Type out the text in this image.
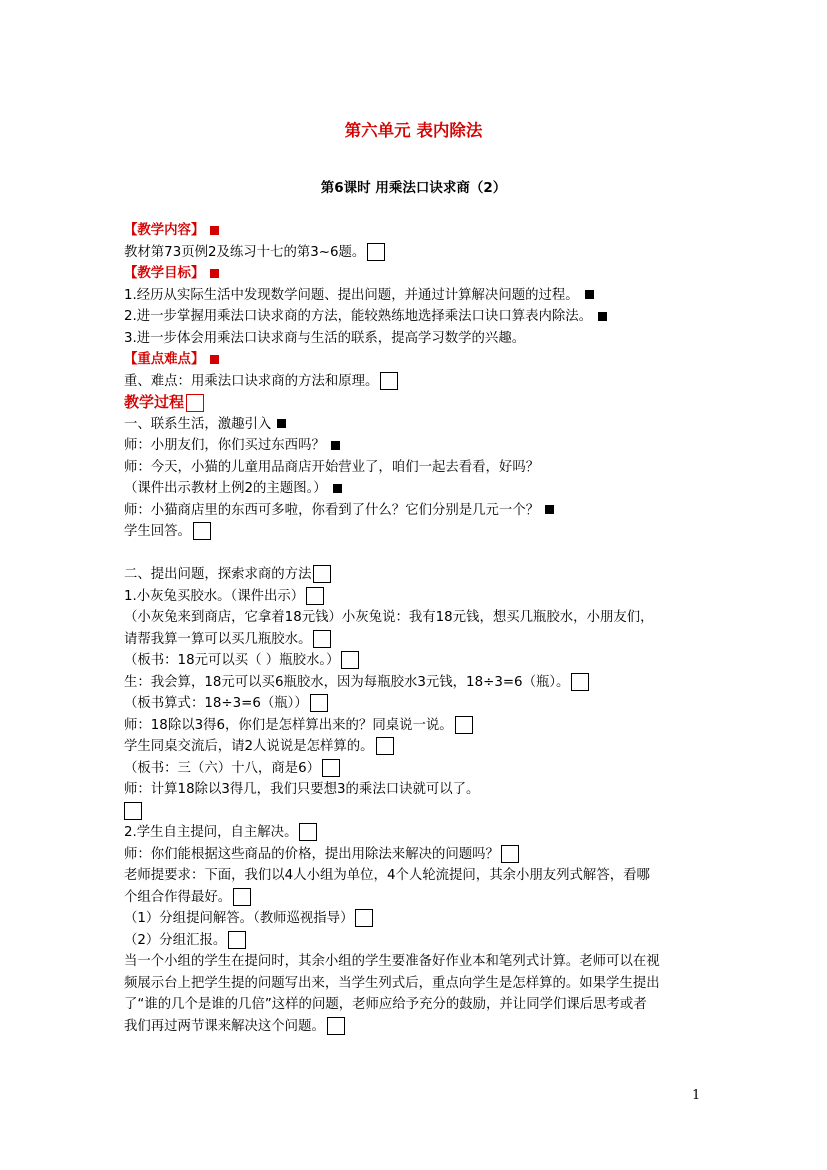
第六单元 表内除法
第6课时 用乘法口诀求商（2）
【教学内容】
教材第73页例2及练习十七的第3~6题。
【教学目标】
1.经历从实际生活中发现数学问题、提出问题，并通过计算解决问题的过程。
2.进一步掌握用乘法口诀求商的方法，能较熟练地选择乘法口诀口算表内除法。
3.进一步体会用乘法口诀求商与生活的联系，提高学习数学的兴趣。
【重点难点】
重、难点：用乘法口诀求商的方法和原理。
教学过程
一、联系生活，激趣引入
师：小朋友们，你们买过东西吗？
师：今天，小猫的儿童用品商店开始营业了，咱们一起去看看，好吗？
（课件出示教材上例2的主题图。）
师：小猫商店里的东西可多啦，你看到了什么？它们分别是几元一个？
学生回答。
二、提出问题，探索求商的方法
1.小灰兔买胶水。（课件出示）
（小灰兔来到商店，它拿着18元钱）小灰兔说：我有18元钱，想买几瓶胶水，小朋友们，
请帮我算一算可以买几瓶胶水。
（板书：18元可以买（ ）瓶胶水。）
生：我会算，18元可以买6瓶胶水，因为每瓶胶水3元钱，18÷3=6（瓶）。
（板书算式：18÷3=6（瓶））
师：18除以3得6，你们是怎样算出来的？同桌说一说。
学生同桌交流后，请2人说说是怎样算的。
（板书：三（六）十八，商是6）
师：计算18除以3得几，我们只要想3的乘法口诀就可以了。
2.学生自主提问，自主解决。
师：你们能根据这些商品的价格，提出用除法来解决的问题吗？
老师提要求：下面，我们以4人小组为单位，4个人轮流提问，其余小朋友列式解答，看哪
个组合作得最好。
（1）分组提问解答。（教师巡视指导）
（2）分组汇报。
当一个小组的学生在提问时，其余小组的学生要准备好作业本和笔列式计算。老师可以在视
频展示台上把学生提的问题写出来，当学生列式后，重点向学生是怎样算的。如果学生提出
了“谁的几个是谁的几倍”这样的问题，老师应给予充分的鼓励，并让同学们课后思考或者
我们再过两节课来解决这个问题。
1
